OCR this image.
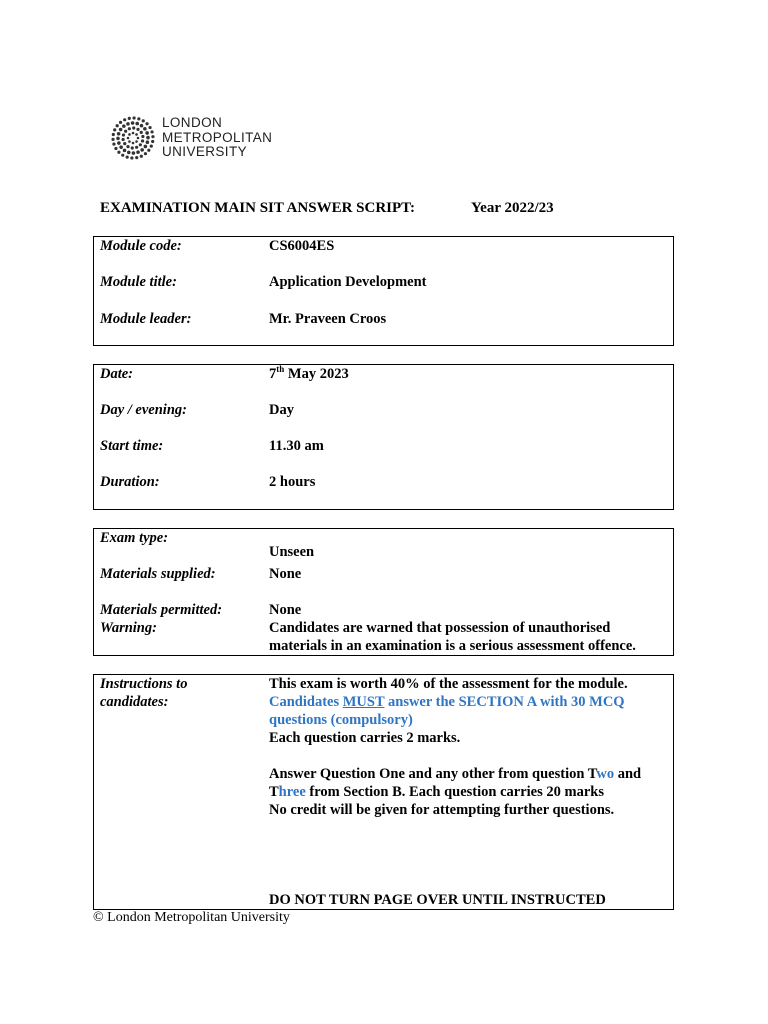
LONDON
METROPOLITAN
UNIVERSITY
EXAMINATION MAIN SIT ANSWER SCRIPT:	Year 2022/23
Module code:	CS6004ES
Module title:	Application Development
Module leader:	Mr. Praveen Croos
Date:	7th May 2023
Day / evening:	Day
Start time:	11.30 am
Duration:	2 hours
Exam type:
Unseen
Materials supplied:	None
Materials permitted:	None
Warning:	Candidates are warned that possession of unauthorised
materials in an examination is a serious assessment offence.
Instructions to
candidates:
This exam is worth 40% of the assessment for the module.
Candidates MUST answer the SECTION A with 30 MCQ
questions (compulsory)
Each question carries 2 marks.
Answer Question One and any other from question Two and
Three from Section B. Each question carries 20 marks
No credit will be given for attempting further questions.
DO NOT TURN PAGE OVER UNTIL INSTRUCTED
© London Metropolitan University
